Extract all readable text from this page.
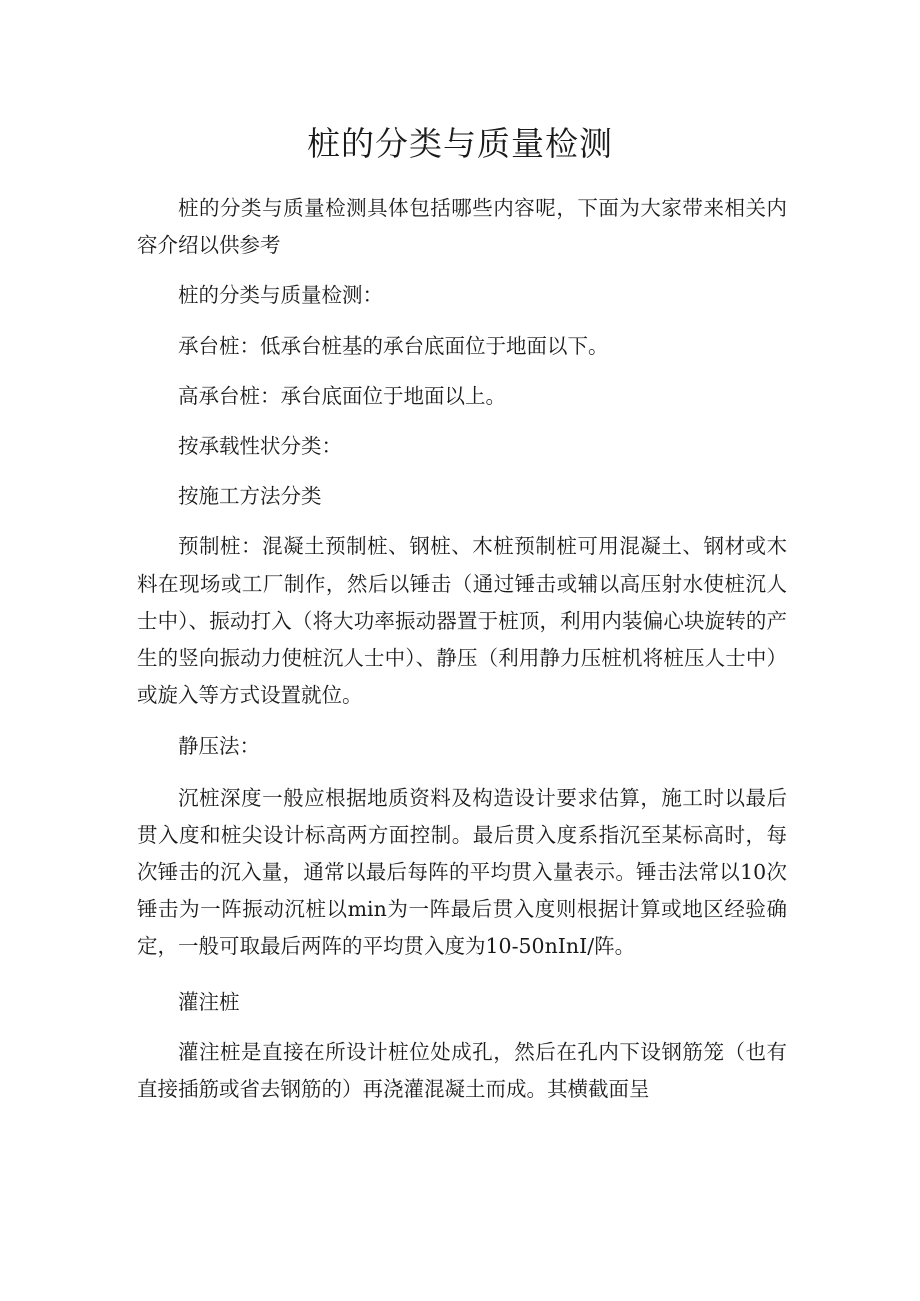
桩的分类与质量检测

桩的分类与质量检测具体包括哪些内容呢，下面为大家带来相关内容介绍以供参考

桩的分类与质量检测：

承台桩：低承台桩基的承台底面位于地面以下。

高承台桩：承台底面位于地面以上。

按承载性状分类：

按施工方法分类

预制桩：混凝土预制桩、钢桩、木桩预制桩可用混凝土、钢材或木料在现场或工厂制作，然后以锤击（通过锤击或辅以高压射水使桩沉人士中）、振动打入（将大功率振动器置于桩顶，利用内装偏心块旋转的产生的竖向振动力使桩沉人士中）、静压（利用静力压桩机将桩压人士中）或旋入等方式设置就位。

静压法：

沉桩深度一般应根据地质资料及构造设计要求估算，施工时以最后贯入度和桩尖设计标高两方面控制。最后贯入度系指沉至某标高时，每次锤击的沉入量，通常以最后每阵的平均贯入量表示。锤击法常以10次锤击为一阵振动沉桩以min为一阵最后贯入度则根据计算或地区经验确定，一般可取最后两阵的平均贯入度为10-50nInI/阵。

灌注桩

灌注桩是直接在所设计桩位处成孔，然后在孔内下设钢筋笼（也有直接插筋或省去钢筋的）再浇灌混凝土而成。其横截面呈
